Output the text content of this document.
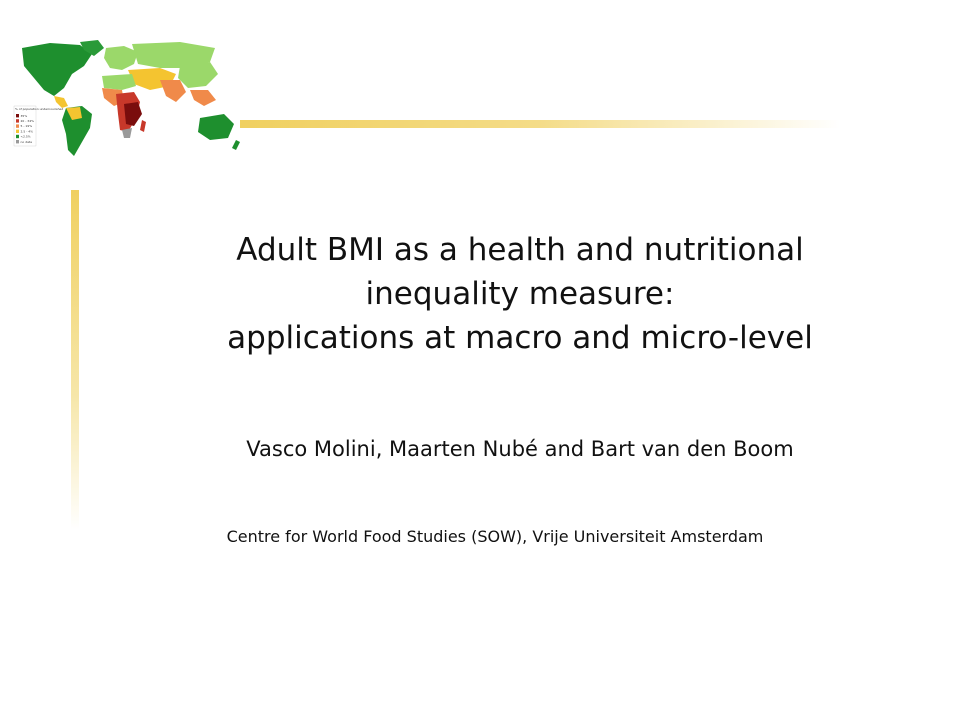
% of population undernourished
35%
20 - 34%
5 - 19%
2.5 - 4%
<2.5%
no data
Adult BMI as a health and nutritional
inequality measure:
applications at macro and micro-level
Vasco Molini, Maarten Nubé and Bart van den Boom
Centre for World Food Studies (SOW), Vrije Universiteit Amsterdam
